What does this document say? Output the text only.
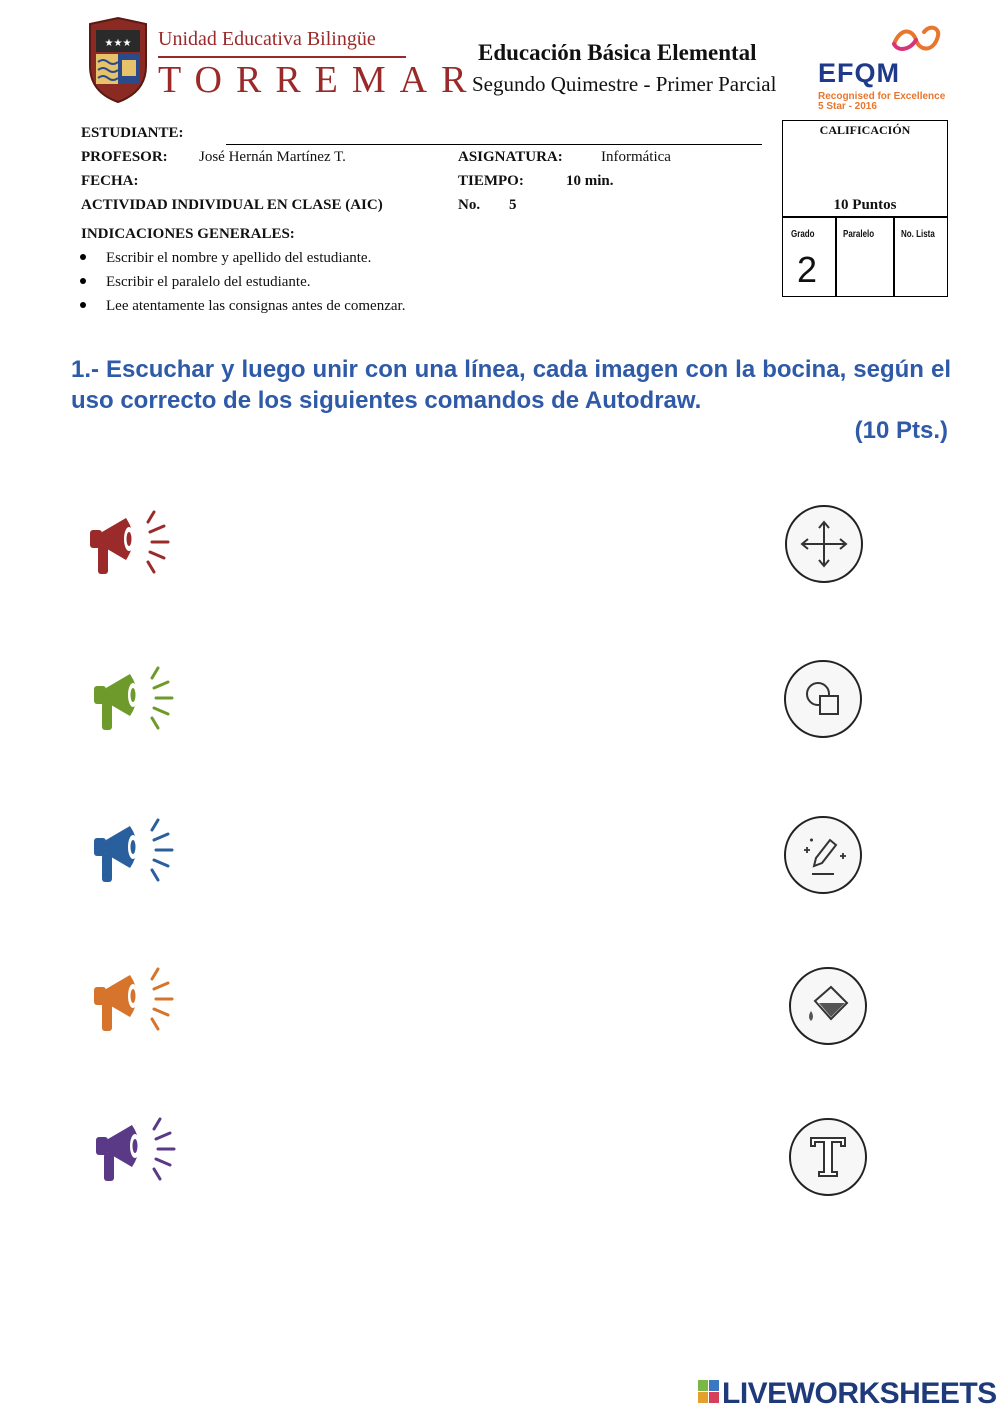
★★★ Unidad Educativa Bilingüe
TORREMAR
Educación Básica Elemental
Segundo Quimestre - Primer Parcial EFQM
Recognised for Excellence
5 Star - 2016
ESTUDIANTE:
PROFESOR: José Hernán Martínez T.	ASIGNATURA:	Informática
FECHA:	TIEMPO:	10 min.
ACTIVIDAD INDIVIDUAL EN CLASE (AIC)	No. 5
CALIFICACIÓN
10 Puntos
Grado	Paralelo	No. Lista
2
INDICACIONES GENERALES:
Escribir el nombre y apellido del estudiante.
Escribir el paralelo del estudiante.
Lee atentamente las consignas antes de comenzar.
1.- Escuchar y luego unir con una línea, cada imagen con la bocina, según el uso correcto de los siguientes comandos de Autodraw.
(10 Pts.)
LIVEWORKSHEETS
